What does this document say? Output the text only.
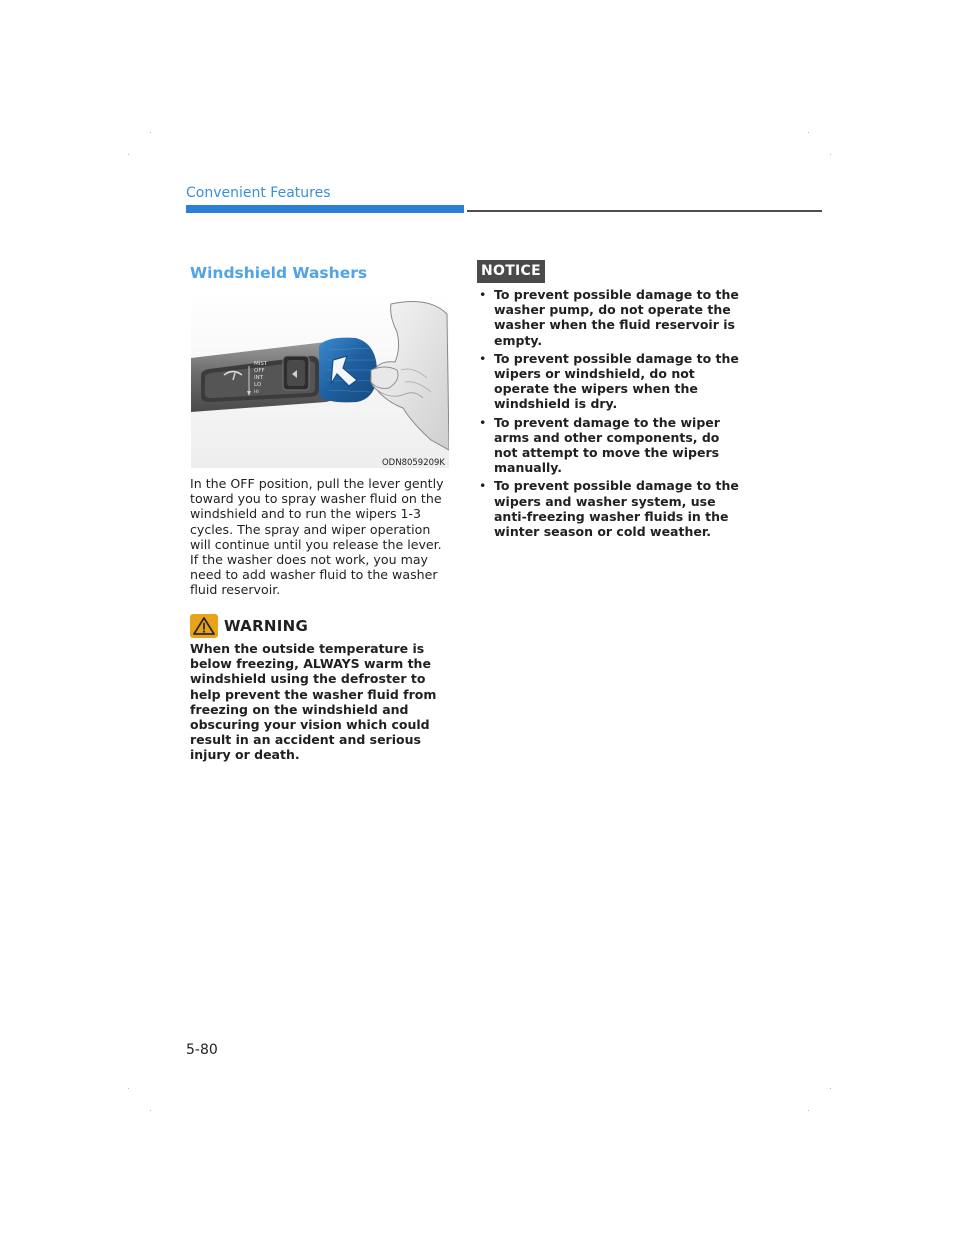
Convenient Features
Windshield Washers
MIST
OFF
INT
LO
HI
ODN8059209K

In the OFF position, pull the lever gently toward you to spray washer fluid on the windshield and to run the wipers 1-3 cycles. The spray and wiper operation will continue until you release the lever. If the washer does not work, you may need to add washer fluid to the washer fluid reservoir.

WARNING

When the outside temperature is below freezing, ALWAYS warm the windshield using the defroster to help prevent the washer fluid from freezing on the windshield and obscuring your vision which could result in an accident and serious injury or death.

NOTICE
• To prevent possible damage to the washer pump, do not operate the washer when the fluid reservoir is empty.
• To prevent possible damage to the wipers or windshield, do not operate the wipers when the windshield is dry.
• To prevent damage to the wiper arms and other components, do not attempt to move the wipers manually.
• To prevent possible damage to the wipers and washer system, use anti-freezing washer fluids in the winter season or cold weather.
5-80
